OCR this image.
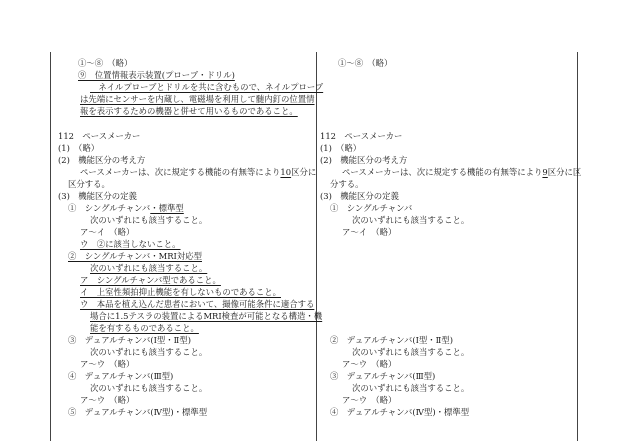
①～⑧　（略）
⑨　位置情報表示装置(プローブ・ドリル)
　ネイルプローブとドリルを共に含むもので、ネイルプローブ
は先端にセンサーを内蔵し、電磁場を利用して髄内釘の位置情
報を表示するための機器と併せて用いるものであること。
112　ペースメーカー
(1)　（略）
(2)　機能区分の考え方
ペースメーカーは、次に規定する機能の有無等により10区分に
区分する。
(3)　機能区分の定義
①　シングルチャンバ・標準型
次のいずれにも該当すること。
ア～イ　（略）
ウ　②に該当しないこと。
②　シングルチャンバ・MRI対応型
次のいずれにも該当すること。
ア　シングルチャンバ型であること。
イ　上室性頻拍抑止機能を有しないものであること。
ウ　本品を植え込んだ患者において、撮像可能条件に適合する
場合に1.5テスラの装置によるMRI検査が可能となる構造・機
能を有するものであること。
③　デュアルチャンバ(Ⅰ型・Ⅱ型)
次のいずれにも該当すること。
ア～ウ　（略）
④　デュアルチャンバ(Ⅲ型)
次のいずれにも該当すること。
ア～ウ　（略）
⑤　デュアルチャンバ(Ⅳ型)・標準型
①～⑧　（略）
112　ペースメーカー
(1)　（略）
(2)　機能区分の考え方
ペースメーカーは、次に規定する機能の有無等により9区分に区
分する。
(3)　機能区分の定義
①　シングルチャンバ
次のいずれにも該当すること。
ア～イ　（略）
②　デュアルチャンバ(Ⅰ型・Ⅱ型)
次のいずれにも該当すること。
ア～ウ　（略）
③　デュアルチャンバ(Ⅲ型)
次のいずれにも該当すること。
ア～ウ　（略）
④　デュアルチャンバ(Ⅳ型)・標準型
